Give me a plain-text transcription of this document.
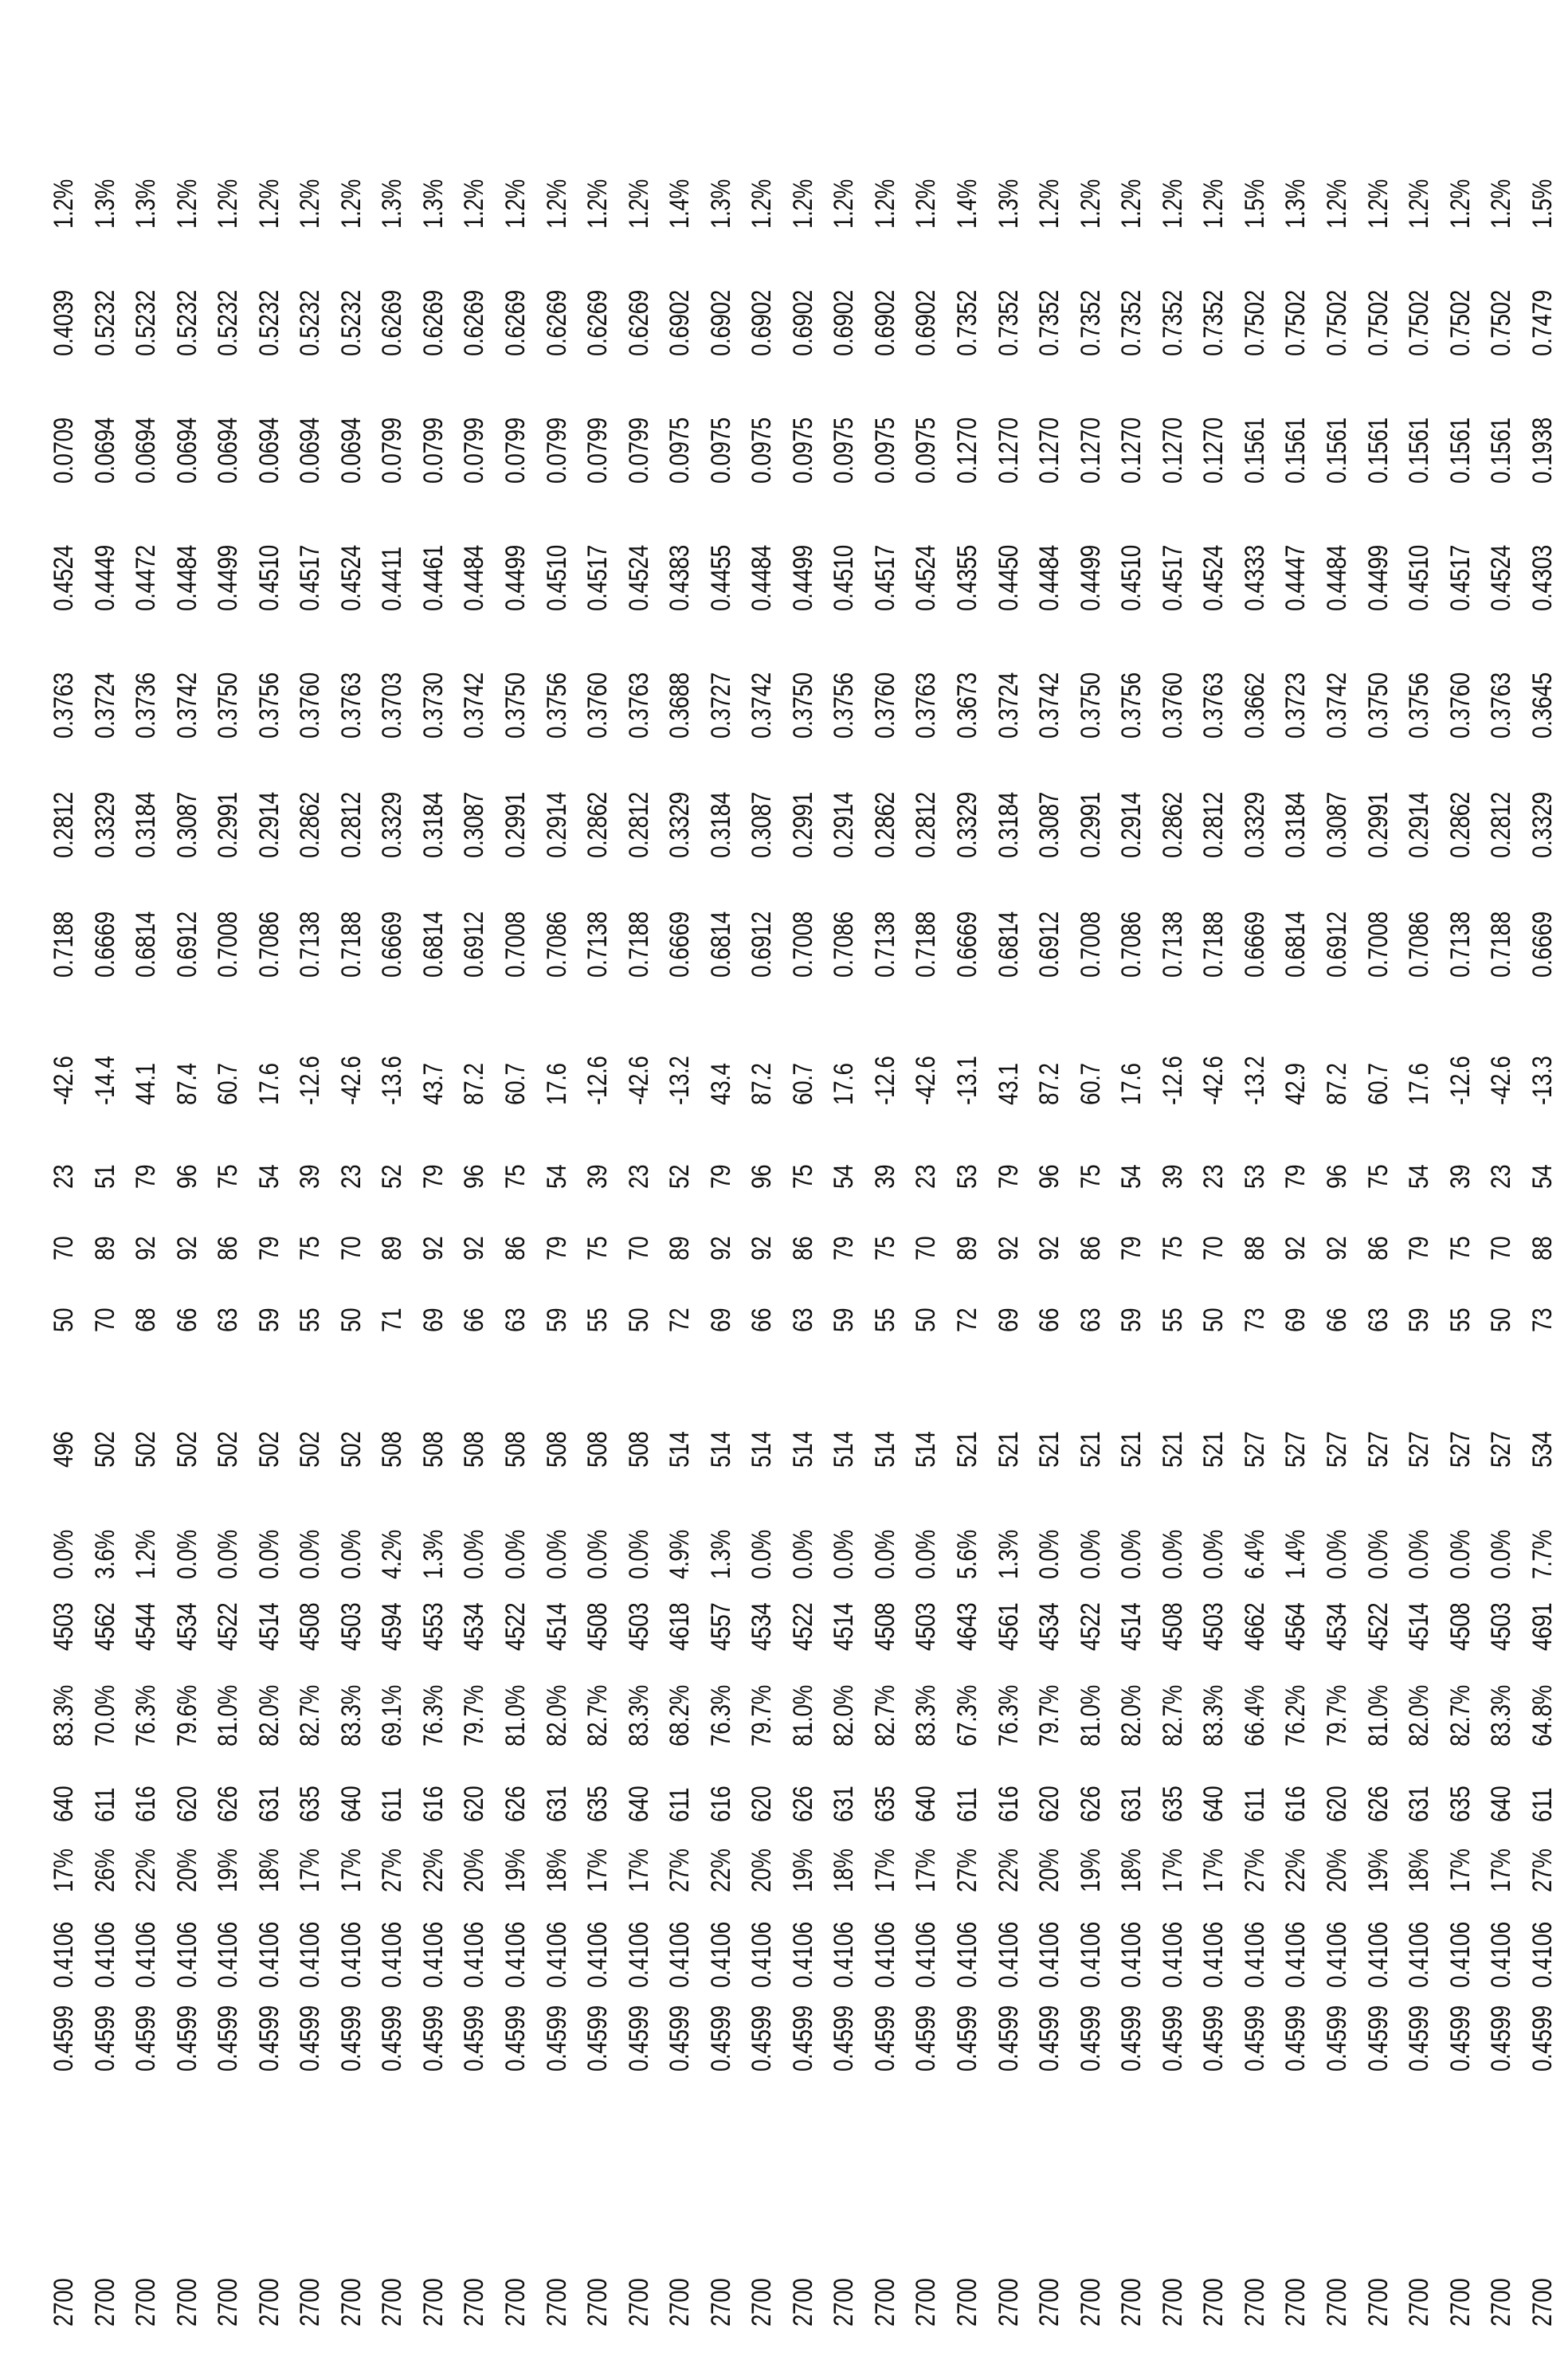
	2700	0.4599	0.4106	17%	640	83.3%	4503	0.0%	496	50	70	23	-42.6	0.7188	0.2812	0.3763	0.4524	0.0709	0.4039	1.2%
	2700	0.4599	0.4106	26%	611	70.0%	4562	3.6%	502	70	89	51	-14.4	0.6669	0.3329	0.3724	0.4449	0.0694	0.5232	1.3%
	2700	0.4599	0.4106	22%	616	76.3%	4544	1.2%	502	68	92	79	44.1	0.6814	0.3184	0.3736	0.4472	0.0694	0.5232	1.3%
	2700	0.4599	0.4106	20%	620	79.6%	4534	0.0%	502	66	92	96	87.4	0.6912	0.3087	0.3742	0.4484	0.0694	0.5232	1.2%
	2700	0.4599	0.4106	19%	626	81.0%	4522	0.0%	502	63	86	75	60.7	0.7008	0.2991	0.3750	0.4499	0.0694	0.5232	1.2%
	2700	0.4599	0.4106	18%	631	82.0%	4514	0.0%	502	59	79	54	17.6	0.7086	0.2914	0.3756	0.4510	0.0694	0.5232	1.2%
	2700	0.4599	0.4106	17%	635	82.7%	4508	0.0%	502	55	75	39	-12.6	0.7138	0.2862	0.3760	0.4517	0.0694	0.5232	1.2%
	2700	0.4599	0.4106	17%	640	83.3%	4503	0.0%	502	50	70	23	-42.6	0.7188	0.2812	0.3763	0.4524	0.0694	0.5232	1.2%
	2700	0.4599	0.4106	27%	611	69.1%	4594	4.2%	508	71	89	52	-13.6	0.6669	0.3329	0.3703	0.4411	0.0799	0.6269	1.3%
	2700	0.4599	0.4106	22%	616	76.3%	4553	1.3%	508	69	92	79	43.7	0.6814	0.3184	0.3730	0.4461	0.0799	0.6269	1.3%
	2700	0.4599	0.4106	20%	620	79.7%	4534	0.0%	508	66	92	96	87.2	0.6912	0.3087	0.3742	0.4484	0.0799	0.6269	1.2%
	2700	0.4599	0.4106	19%	626	81.0%	4522	0.0%	508	63	86	75	60.7	0.7008	0.2991	0.3750	0.4499	0.0799	0.6269	1.2%
	2700	0.4599	0.4106	18%	631	82.0%	4514	0.0%	508	59	79	54	17.6	0.7086	0.2914	0.3756	0.4510	0.0799	0.6269	1.2%
	2700	0.4599	0.4106	17%	635	82.7%	4508	0.0%	508	55	75	39	-12.6	0.7138	0.2862	0.3760	0.4517	0.0799	0.6269	1.2%
	2700	0.4599	0.4106	17%	640	83.3%	4503	0.0%	508	50	70	23	-42.6	0.7188	0.2812	0.3763	0.4524	0.0799	0.6269	1.2%
	2700	0.4599	0.4106	27%	611	68.2%	4618	4.9%	514	72	89	52	-13.2	0.6669	0.3329	0.3688	0.4383	0.0975	0.6902	1.4%
	2700	0.4599	0.4106	22%	616	76.3%	4557	1.3%	514	69	92	79	43.4	0.6814	0.3184	0.3727	0.4455	0.0975	0.6902	1.3%
	2700	0.4599	0.4106	20%	620	79.7%	4534	0.0%	514	66	92	96	87.2	0.6912	0.3087	0.3742	0.4484	0.0975	0.6902	1.2%
	2700	0.4599	0.4106	19%	626	81.0%	4522	0.0%	514	63	86	75	60.7	0.7008	0.2991	0.3750	0.4499	0.0975	0.6902	1.2%
	2700	0.4599	0.4106	18%	631	82.0%	4514	0.0%	514	59	79	54	17.6	0.7086	0.2914	0.3756	0.4510	0.0975	0.6902	1.2%
	2700	0.4599	0.4106	17%	635	82.7%	4508	0.0%	514	55	75	39	-12.6	0.7138	0.2862	0.3760	0.4517	0.0975	0.6902	1.2%
	2700	0.4599	0.4106	17%	640	83.3%	4503	0.0%	514	50	70	23	-42.6	0.7188	0.2812	0.3763	0.4524	0.0975	0.6902	1.2%
	2700	0.4599	0.4106	27%	611	67.3%	4643	5.6%	521	72	89	53	-13.1	0.6669	0.3329	0.3673	0.4355	0.1270	0.7352	1.4%
	2700	0.4599	0.4106	22%	616	76.3%	4561	1.3%	521	69	92	79	43.1	0.6814	0.3184	0.3724	0.4450	0.1270	0.7352	1.3%
	2700	0.4599	0.4106	20%	620	79.7%	4534	0.0%	521	66	92	96	87.2	0.6912	0.3087	0.3742	0.4484	0.1270	0.7352	1.2%
	2700	0.4599	0.4106	19%	626	81.0%	4522	0.0%	521	63	86	75	60.7	0.7008	0.2991	0.3750	0.4499	0.1270	0.7352	1.2%
	2700	0.4599	0.4106	18%	631	82.0%	4514	0.0%	521	59	79	54	17.6	0.7086	0.2914	0.3756	0.4510	0.1270	0.7352	1.2%
	2700	0.4599	0.4106	17%	635	82.7%	4508	0.0%	521	55	75	39	-12.6	0.7138	0.2862	0.3760	0.4517	0.1270	0.7352	1.2%
	2700	0.4599	0.4106	17%	640	83.3%	4503	0.0%	521	50	70	23	-42.6	0.7188	0.2812	0.3763	0.4524	0.1270	0.7352	1.2%
	2700	0.4599	0.4106	27%	611	66.4%	4662	6.4%	527	73	88	53	-13.2	0.6669	0.3329	0.3662	0.4333	0.1561	0.7502	1.5%
	2700	0.4599	0.4106	22%	616	76.2%	4564	1.4%	527	69	92	79	42.9	0.6814	0.3184	0.3723	0.4447	0.1561	0.7502	1.3%
	2700	0.4599	0.4106	20%	620	79.7%	4534	0.0%	527	66	92	96	87.2	0.6912	0.3087	0.3742	0.4484	0.1561	0.7502	1.2%
	2700	0.4599	0.4106	19%	626	81.0%	4522	0.0%	527	63	86	75	60.7	0.7008	0.2991	0.3750	0.4499	0.1561	0.7502	1.2%
	2700	0.4599	0.4106	18%	631	82.0%	4514	0.0%	527	59	79	54	17.6	0.7086	0.2914	0.3756	0.4510	0.1561	0.7502	1.2%
	2700	0.4599	0.4106	17%	635	82.7%	4508	0.0%	527	55	75	39	-12.6	0.7138	0.2862	0.3760	0.4517	0.1561	0.7502	1.2%
	2700	0.4599	0.4106	17%	640	83.3%	4503	0.0%	527	50	70	23	-42.6	0.7188	0.2812	0.3763	0.4524	0.1561	0.7502	1.2%
	2700	0.4599	0.4106	27%	611	64.8%	4691	7.7%	534	73	88	54	-13.3	0.6669	0.3329	0.3645	0.4303	0.1938	0.7479	1.5%
